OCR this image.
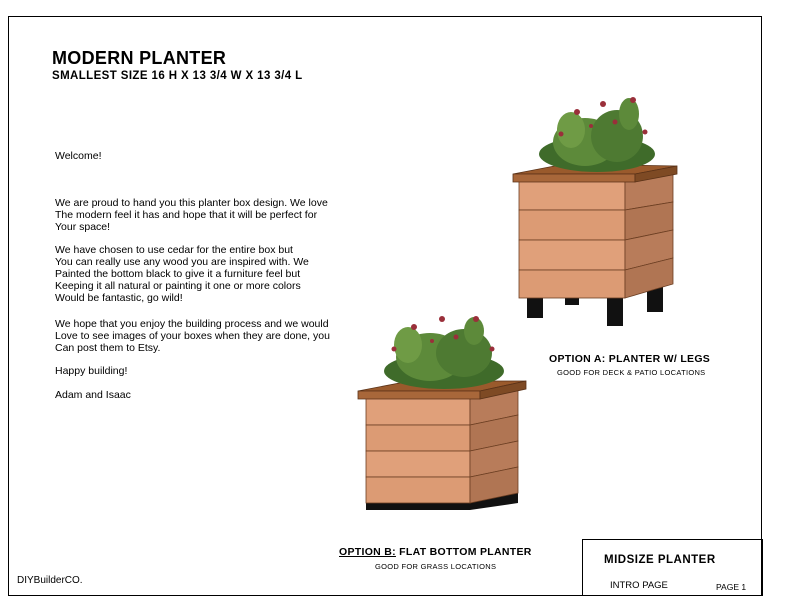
MODERN PLANTER
SMALLEST SIZE 16 H X 13 3/4 W X 13 3/4 L
Welcome!
We are proud to hand you this planter box design. We love
The modern feel it has and hope that it will be perfect for
Your space!
We have chosen to use cedar for the entire box but
You can really use any wood you are inspired with. We
Painted the bottom black to give it a furniture feel but
Keeping it all natural or painting it one or more colors
Would be fantastic, go wild!
We hope that you enjoy the building process and we would
Love to see images of your boxes when they are done, you
Can post them to Etsy.
Happy building!
Adam and Isaac
OPTION A: PLANTER W/ LEGS
GOOD FOR DECK & PATIO LOCATIONS
OPTION B: FLAT BOTTOM PLANTER
GOOD FOR GRASS LOCATIONS
DIYBuilderCO.
MIDSIZE PLANTER
INTRO PAGE	PAGE 1
